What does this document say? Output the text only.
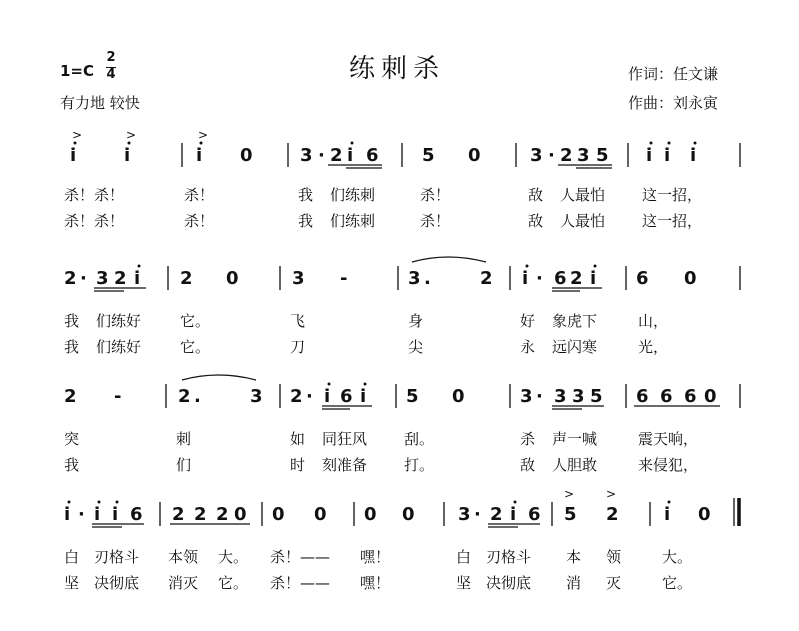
1=C
2
4	练刺杀	作词：任文谦
作曲：刘永寅
有力地 较快
i	i	i 0	3 · 2 i 6 5 0	3 · 2 3 5 i i i
>	>	>
杀！杀！	杀！	我 们练刺	杀！	敌 人最怕 这一招，
杀！杀！	杀！	我 们练刺	杀！	敌 人最怕 这一招，
2 · 3 2 i 2 0	3 -	3 .	2 i · 6 2 i 6 0
我 们练好	它。	飞	身	好 象虎下	山，
我 们练好	它。	刀	尖	永 远闪寒	光，
2 -	2 .	3 2 · i 6 i 5 0	3 · 3 3 5 6 6 6 0
突	刺	如 同狂风 刮。	杀 声一喊	震天响，
我	们	时 刻准备 打。	敌 人胆敢	来侵犯，
i · i i 6 2 2 2 0 0 0 0 0 3 · 2 i 6 5 2	i 0
>	>
白 刃格斗 本领 大。 杀！—— 嘿！	白 刃格斗 本 领	大。
坚 决彻底 消灭 它。 杀！—— 嘿！	坚 决彻底 消 灭	它。
